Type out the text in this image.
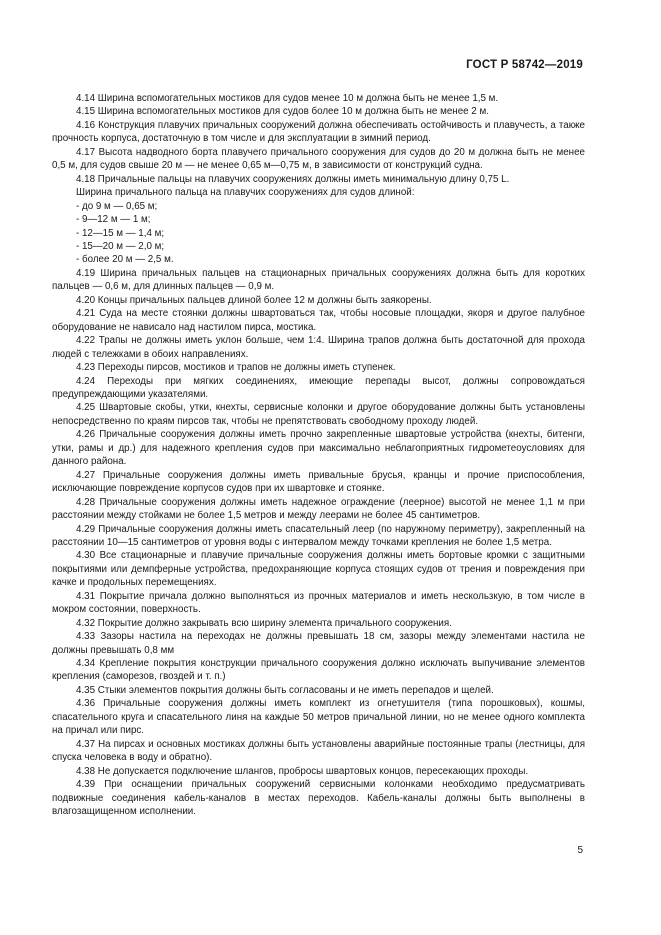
ГОСТ Р 58742—2019

4.14 Ширина вспомогательных мостиков для судов менее 10 м должна быть не менее 1,5 м.

4.15 Ширина вспомогательных мостиков для судов более 10 м должна быть не менее 2 м.

4.16 Конструкция плавучих причальных сооружений должна обеспечивать остойчивость и плавучесть, а также прочность корпуса, достаточную в том числе и для эксплуатации в зимний период.

4.17 Высота надводного борта плавучего причального сооружения для судов до 20 м должна быть не менее 0,5 м, для судов свыше 20 м — не менее 0,65 м—0,75 м, в зависимости от конструкций судна.

4.18 Причальные пальцы на плавучих сооружениях должны иметь минимальную длину 0,75 L.

Ширина причального пальца на плавучих сооружениях для судов длиной:

- до 9 м — 0,65 м;

- 9—12 м — 1 м;

- 12—15 м — 1,4 м;

- 15—20 м — 2,0 м;

- более 20 м — 2,5 м.

4.19 Ширина причальных пальцев на стационарных причальных сооружениях должна быть для коротких пальцев — 0,6 м, для длинных пальцев — 0,9 м.

4.20 Концы причальных пальцев длиной более 12 м должны быть заякорены.

4.21 Суда на месте стоянки должны швартоваться так, чтобы носовые площадки, якоря и другое палубное оборудование не нависало над настилом пирса, мостика.

4.22 Трапы не должны иметь уклон больше, чем 1:4. Ширина трапов должна быть достаточной для прохода людей с тележками в обоих направлениях.

4.23 Переходы пирсов, мостиков и трапов не должны иметь ступенек.

4.24 Переходы при мягких соединениях, имеющие перепады высот, должны сопровождаться предупреждающими указателями.

4.25 Швартовые скобы, утки, кнехты, сервисные колонки и другое оборудование должны быть установлены непосредственно по краям пирсов так, чтобы не препятствовать свободному проходу людей.

4.26 Причальные сооружения должны иметь прочно закрепленные швартовые устройства (кнехты, битенги, утки, рамы и др.) для надежного крепления судов при максимально неблагоприятных гидрометеоусловиях для данного района.

4.27 Причальные сооружения должны иметь привальные брусья, кранцы и прочие приспособления, исключающие повреждение корпусов судов при их швартовке и стоянке.

4.28 Причальные сооружения должны иметь надежное ограждение (леерное) высотой не менее 1,1 м при расстоянии между стойками не более 1,5 метров и между леерами не более 45 сантиметров.

4.29 Причальные сооружения должны иметь спасательный леер (по наружному периметру), закрепленный на расстоянии 10—15 сантиметров от уровня воды с интервалом между точками крепления не более 1,5 метра.

4.30 Все стационарные и плавучие причальные сооружения должны иметь бортовые кромки с защитными покрытиями или демпферные устройства, предохраняющие корпуса стоящих судов от трения и повреждения при качке и продольных перемещениях.

4.31 Покрытие причала должно выполняться из прочных материалов и иметь нескользкую, в том числе в мокром состоянии, поверхность.

4.32 Покрытие должно закрывать всю ширину элемента причального сооружения.

4.33 Зазоры настила на переходах не должны превышать 18 см, зазоры между элементами настила не должны превышать 0,8 мм

4.34 Крепление покрытия конструкции причального сооружения должно исключать выпучивание элементов крепления (саморезов, гвоздей и т. п.)

4.35 Стыки элементов покрытия должны быть согласованы и не иметь перепадов и щелей.

4.36 Причальные сооружения должны иметь комплект из огнетушителя (типа порошковых), кошмы, спасательного круга и спасательного линя на каждые 50 метров причальной линии, но не менее одного комплекта на причал или пирс.

4.37 На пирсах и основных мостиках должны быть установлены аварийные постоянные трапы (лестницы, для спуска человека в воду и обратно).

4.38 Не допускается подключение шлангов, пробросы швартовых концов, пересекающих проходы.

4.39 При оснащении причальных сооружений сервисными колонками необходимо предусматривать подвижные соединения кабель-каналов в местах переходов. Кабель-каналы должны быть выполнены в влагозащищенном исполнении.

5
